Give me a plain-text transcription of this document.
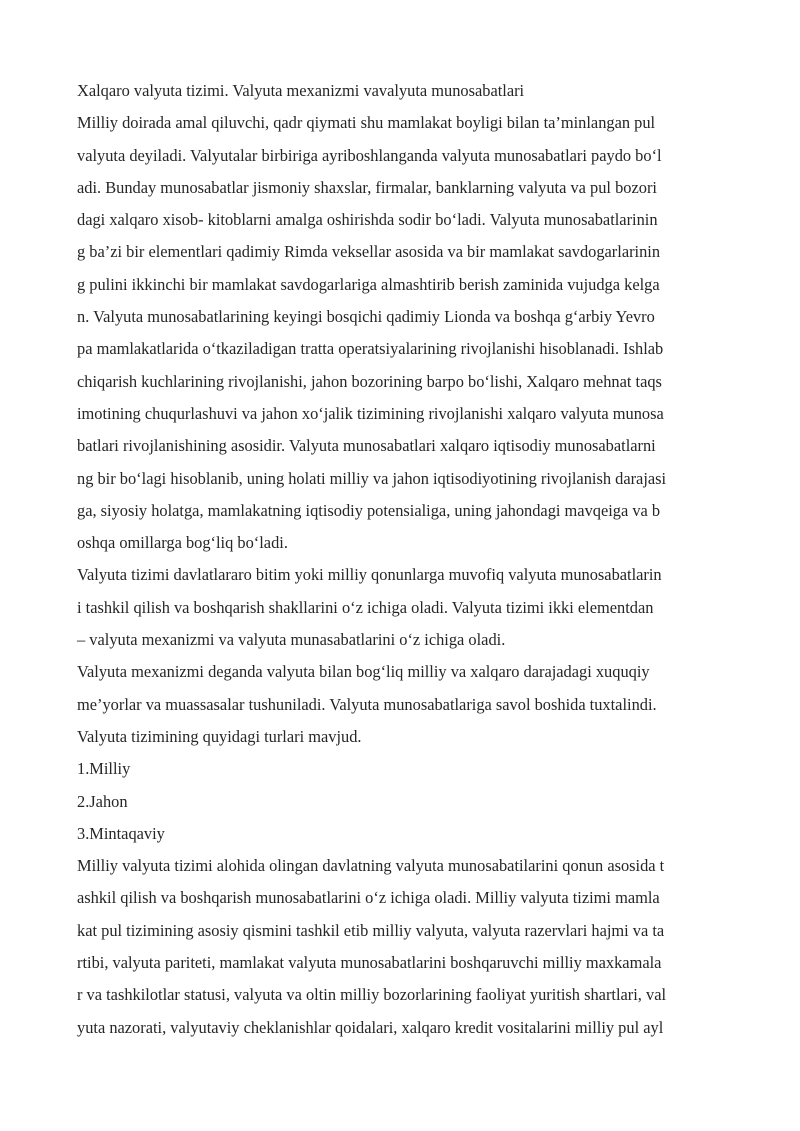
Xalqaro valyuta tizimi. Valyuta mexanizmi vavalyuta munosabatlari
Milliy doirada amal qiluvchi, qadr qiymati shu mamlakat boyligi bilan ta’minlangan pul
valyuta deyiladi. Valyutalar birbiriga ayriboshlanganda valyuta munosabatlari paydo boʻl
adi. Bunday munosabatlar jismoniy shaxslar, firmalar, banklarning valyuta va pul bozori
dagi xalqaro xisob- kitoblarni amalga oshirishda sodir boʻladi. Valyuta munosabatlarinin
g ba’zi bir elementlari qadimiy Rimda veksellar asosida va bir mamlakat savdogarlarinin
g pulini ikkinchi bir mamlakat savdogarlariga almashtirib berish zaminida vujudga kelga
n. Valyuta munosabatlarining keyingi bosqichi qadimiy Lionda va boshqa gʻarbiy Yevro
pa mamlakatlarida oʻtkaziladigan tratta operatsiyalarining rivojlanishi hisoblanadi. Ishlab
chiqarish kuchlarining rivojlanishi, jahon bozorining barpo boʻlishi, Xalqaro mehnat taqs
imotining chuqurlashuvi va jahon xoʻjalik tizimining rivojlanishi xalqaro valyuta munosa
batlari rivojlanishining asosidir. Valyuta munosabatlari xalqaro iqtisodiy munosabatlarni
ng bir boʻlagi hisoblanib, uning holati milliy va jahon iqtisodiyotining rivojlanish darajasi
ga, siyosiy holatga, mamlakatning iqtisodiy potensialiga, uning jahondagi mavqeiga va b
oshqa omillarga bogʻliq boʻladi.
Valyuta tizimi davlatlararo bitim yoki milliy qonunlarga muvofiq valyuta munosabatlarin
i tashkil qilish va boshqarish shakllarini oʻz ichiga oladi. Valyuta tizimi ikki elementdan
– valyuta mexanizmi va valyuta munasabatlarini oʻz ichiga oladi.
Valyuta mexanizmi deganda valyuta bilan bogʻliq milliy va xalqaro darajadagi xuquqiy
me’yorlar va muassasalar tushuniladi. Valyuta munosabatlariga savol boshida tuxtalindi.
Valyuta tizimining quyidagi turlari mavjud.
1.Milliy
2.Jahon
3.Mintaqaviy
Milliy valyuta tizimi alohida olingan davlatning valyuta munosabatilarini qonun asosida t
ashkil qilish va boshqarish munosabatlarini oʻz ichiga oladi. Milliy valyuta tizimi mamla
kat pul tizimining asosiy qismini tashkil etib milliy valyuta, valyuta razervlari hajmi va ta
rtibi, valyuta pariteti, mamlakat valyuta munosabatlarini boshqaruvchi milliy maxkamala
r va tashkilotlar statusi, valyuta va oltin milliy bozorlarining faoliyat yuritish shartlari, val
yuta nazorati, valyutaviy cheklanishlar qoidalari, xalqaro kredit vositalarini milliy pul ayl
